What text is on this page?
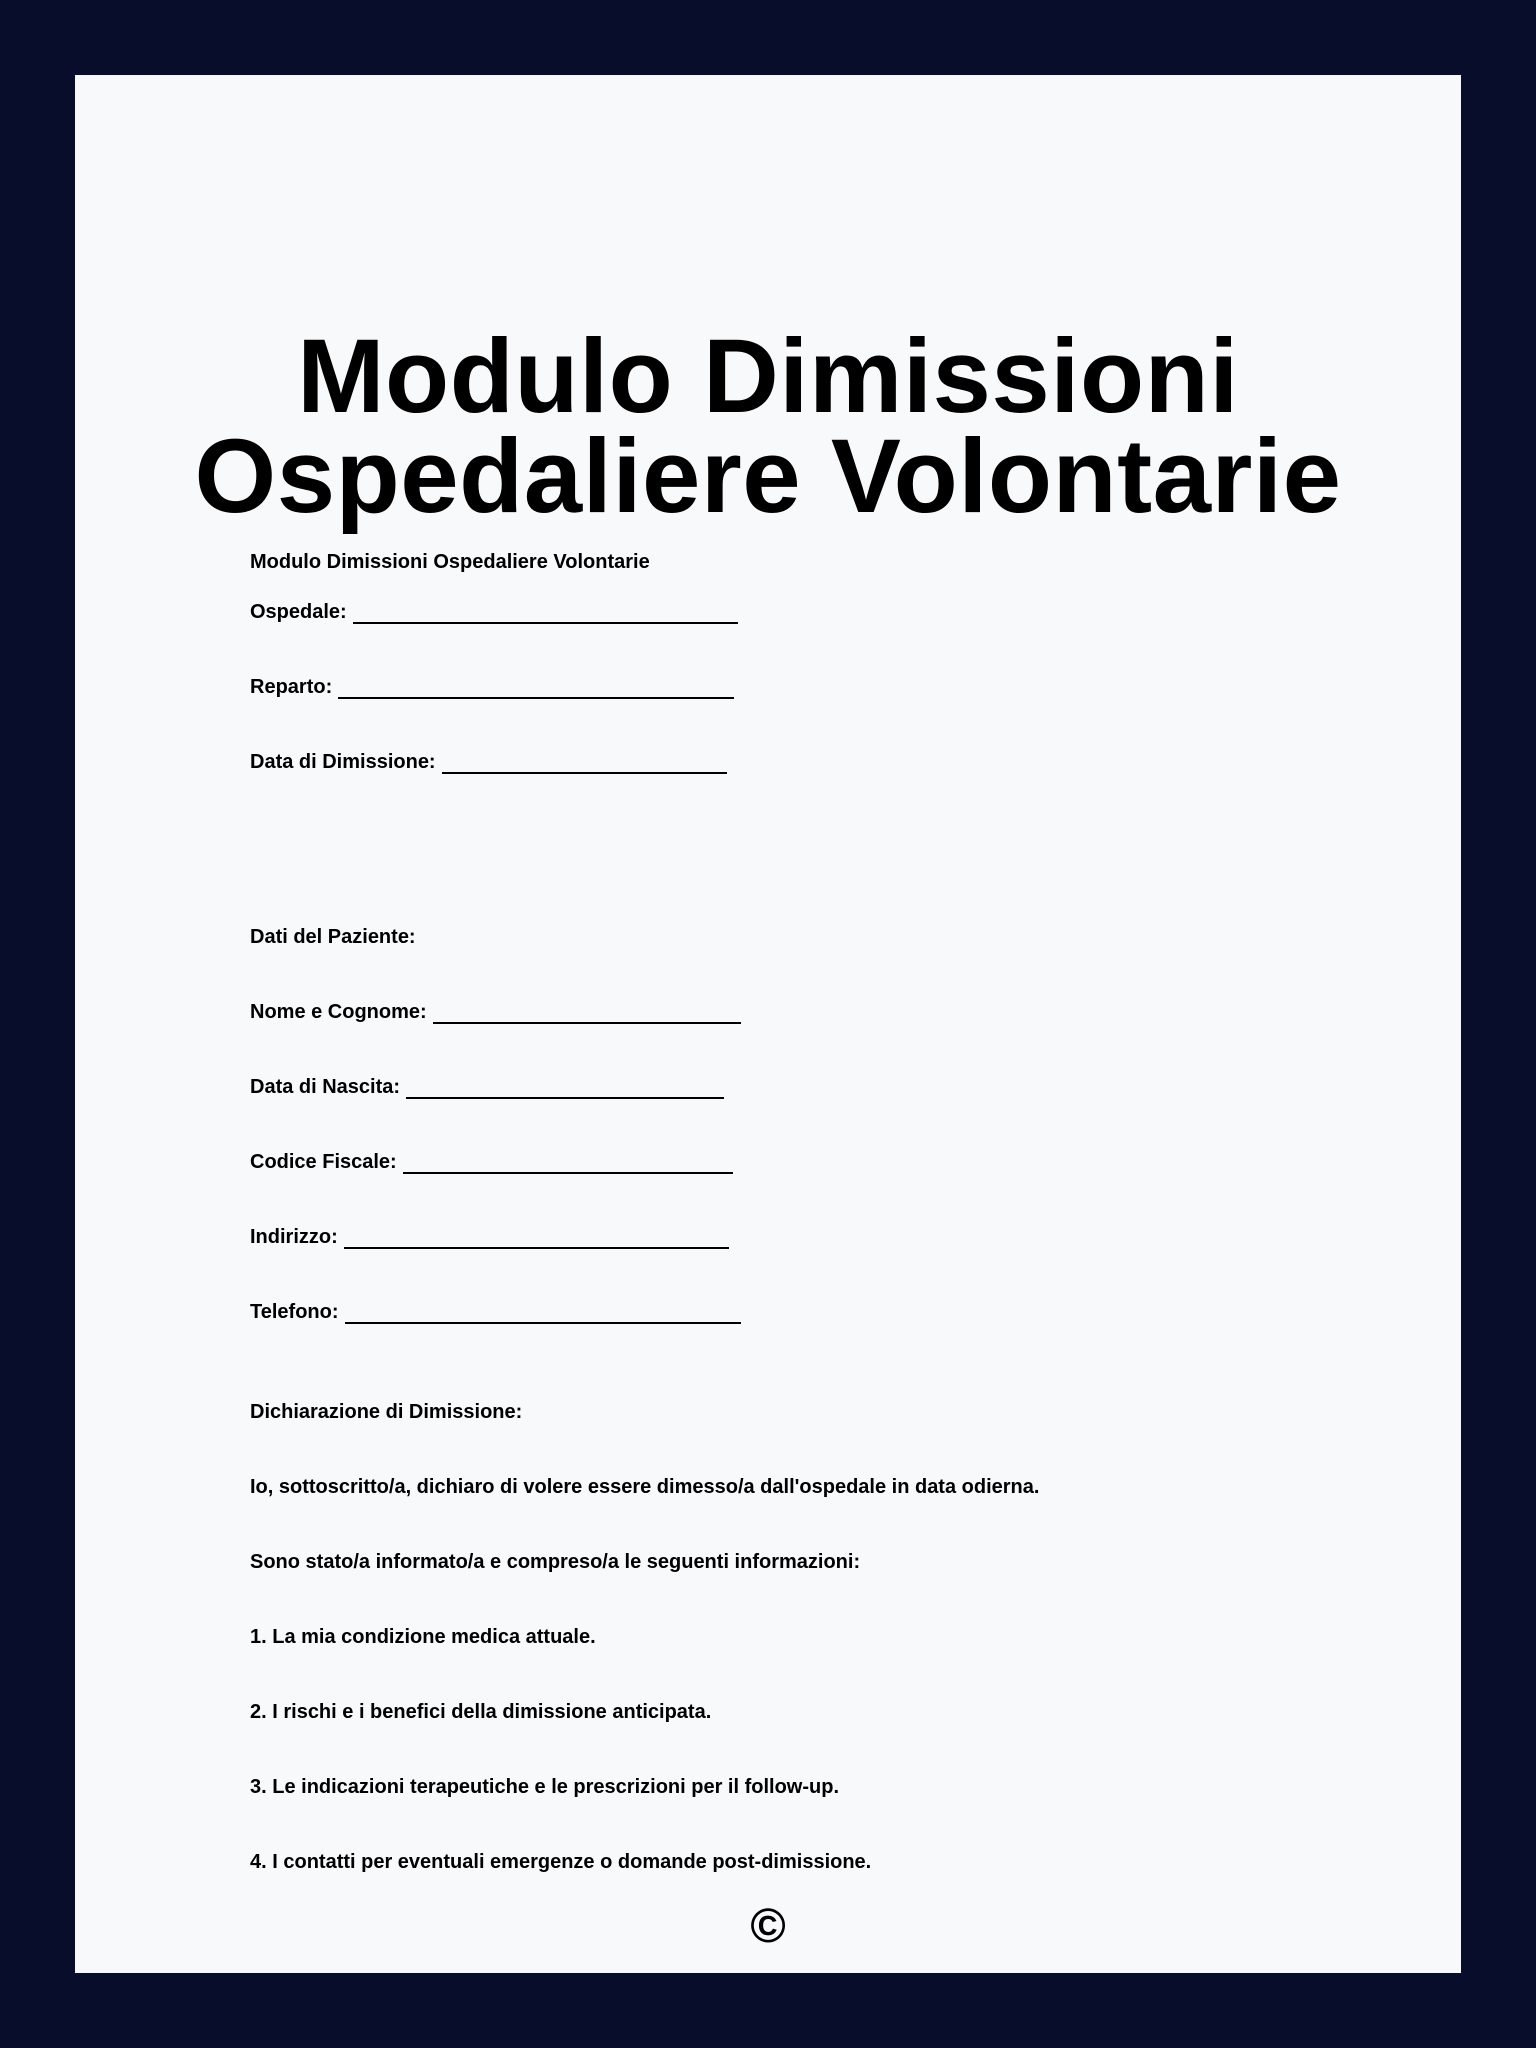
Modulo Dimissioni
Ospedaliere Volontarie
Modulo Dimissioni Ospedaliere Volontarie
Ospedale:
Reparto:
Data di Dimissione:
Dati del Paziente:
Nome e Cognome:
Data di Nascita:
Codice Fiscale:
Indirizzo:
Telefono:
Dichiarazione di Dimissione:
Io, sottoscritto/a, dichiaro di volere essere dimesso/a dall'ospedale in data odierna.
Sono stato/a informato/a e compreso/a le seguenti informazioni:
1. La mia condizione medica attuale.
2. I rischi e i benefici della dimissione anticipata.
3. Le indicazioni terapeutiche e le prescrizioni per il follow-up.
4. I contatti per eventuali emergenze o domande post-dimissione.
©
